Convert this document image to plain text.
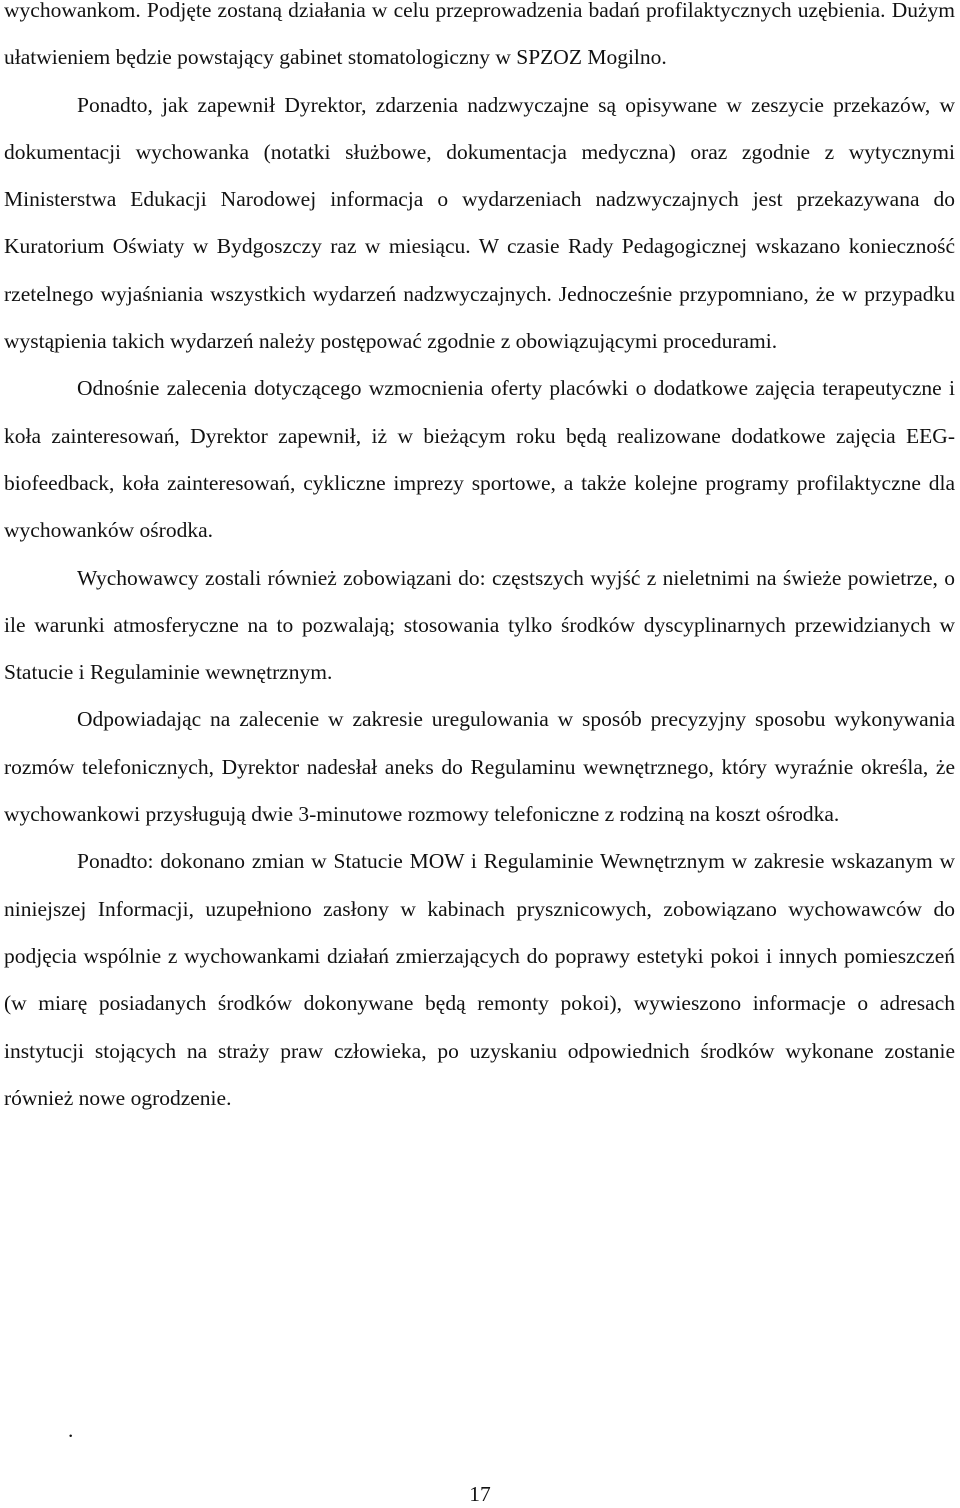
wychowankom. Podjęte zostaną działania w celu przeprowadzenia badań profilaktycznych uzębienia. Dużym ułatwieniem będzie powstający gabinet stomatologiczny w SPZOZ Mogilno.

Ponadto, jak zapewnił Dyrektor, zdarzenia nadzwyczajne są opisywane w zeszycie przekazów, w dokumentacji wychowanka (notatki służbowe, dokumentacja medyczna) oraz zgodnie z wytycznymi Ministerstwa Edukacji Narodowej informacja o wydarzeniach nadzwyczajnych jest przekazywana do Kuratorium Oświaty w Bydgoszczy raz w miesiącu. W czasie Rady Pedagogicznej wskazano konieczność rzetelnego wyjaśniania wszystkich wydarzeń nadzwyczajnych. Jednocześnie przypomniano, że w przypadku wystąpienia takich wydarzeń należy postępować zgodnie z obowiązującymi procedurami.

Odnośnie zalecenia dotyczącego wzmocnienia oferty placówki o dodatkowe zajęcia terapeutyczne i koła zainteresowań, Dyrektor zapewnił, iż w bieżącym roku będą realizowane dodatkowe zajęcia EEG-biofeedback, koła zainteresowań, cykliczne imprezy sportowe, a także kolejne programy profilaktyczne dla wychowanków ośrodka.

Wychowawcy zostali również zobowiązani do: częstszych wyjść z nieletnimi na świeże powietrze, o ile warunki atmosferyczne na to pozwalają; stosowania tylko środków dyscyplinarnych przewidzianych w Statucie i Regulaminie wewnętrznym.

Odpowiadając na zalecenie w zakresie uregulowania w sposób precyzyjny sposobu wykonywania rozmów telefonicznych, Dyrektor nadesłał aneks do Regulaminu wewnętrznego, który wyraźnie określa, że wychowankowi przysługują dwie 3-minutowe rozmowy telefoniczne z rodziną na koszt ośrodka.

Ponadto: dokonano zmian w Statucie MOW i Regulaminie Wewnętrznym w zakresie wskazanym w niniejszej Informacji, uzupełniono zasłony w kabinach prysznicowych, zobowiązano wychowawców do podjęcia wspólnie z wychowankami działań zmierzających do poprawy estetyki pokoi i innych pomieszczeń (w miarę posiadanych środków dokonywane będą remonty pokoi), wywieszono informacje o adresach instytucji stojących na straży praw człowieka, po uzyskaniu odpowiednich środków wykonane zostanie również nowe ogrodzenie.

.
17
